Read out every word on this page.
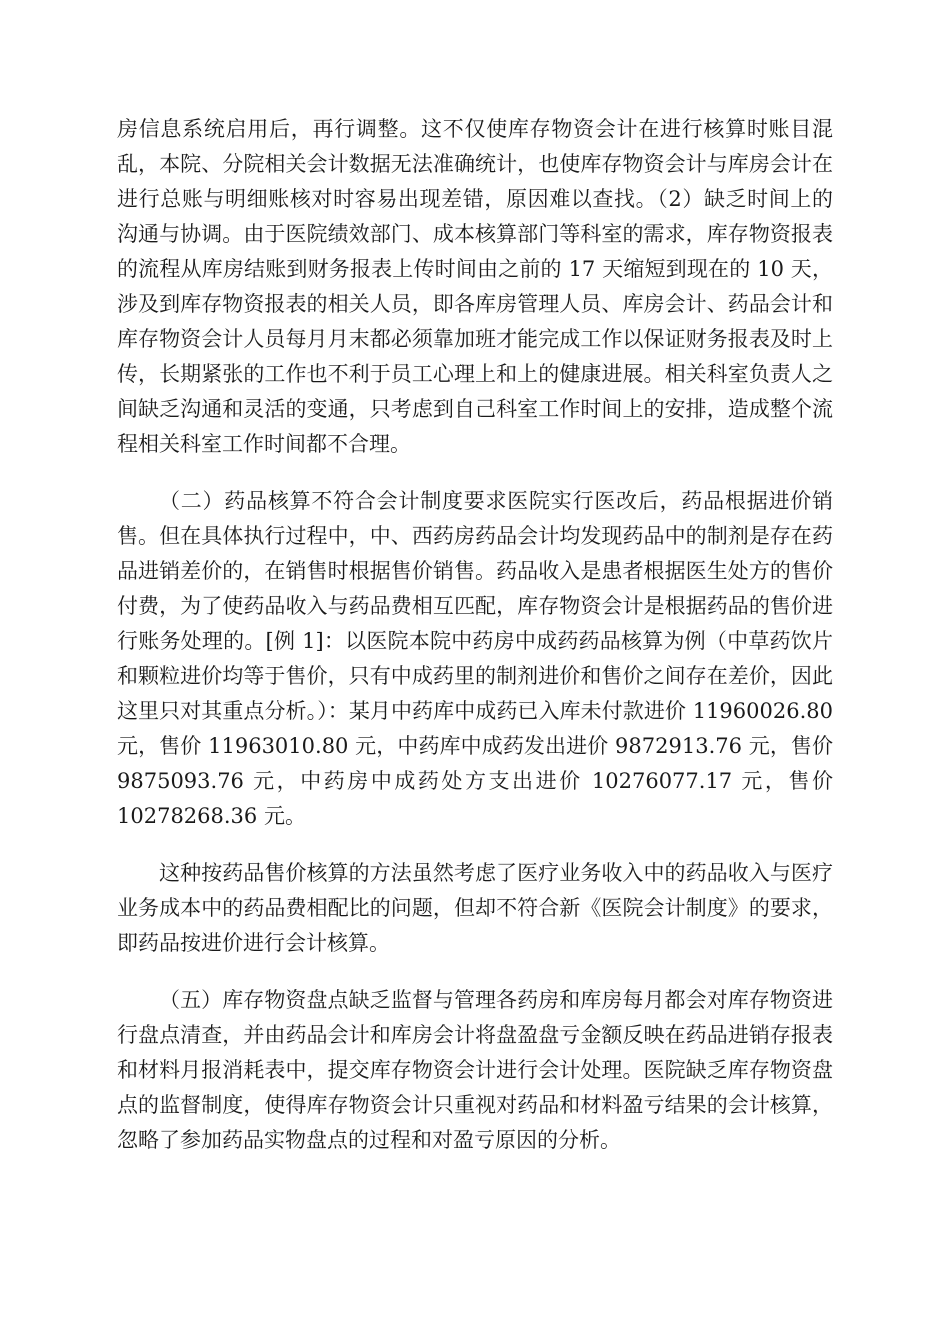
房信息系统启用后，再行调整。这不仅使库存物资会计在进行核算时账目混乱，本院、分院相关会计数据无法准确统计，也使库存物资会计与库房会计在进行总账与明细账核对时容易出现差错，原因难以查找。（2）缺乏时间上的沟通与协调。由于医院绩效部门、成本核算部门等科室的需求，库存物资报表的流程从库房结账到财务报表上传时间由之前的 17 天缩短到现在的 10 天，涉及到库存物资报表的相关人员，即各库房管理人员、库房会计、药品会计和库存物资会计人员每月月末都必须靠加班才能完成工作以保证财务报表及时上传，长期紧张的工作也不利于员工心理上和上的健康进展。相关科室负责人之间缺乏沟通和灵活的变通，只考虑到自己科室工作时间上的安排，造成整个流程相关科室工作时间都不合理。

（二）药品核算不符合会计制度要求医院实行医改后，药品根据进价销售。但在具体执行过程中，中、西药房药品会计均发现药品中的制剂是存在药品进销差价的，在销售时根据售价销售。药品收入是患者根据医生处方的售价付费，为了使药品收入与药品费相互匹配，库存物资会计是根据药品的售价进行账务处理的。[例 1]：以医院本院中药房中成药药品核算为例（中草药饮片和颗粒进价均等于售价，只有中成药里的制剂进价和售价之间存在差价，因此这里只对其重点分析。）：某月中药库中成药已入库未付款进价 11960026.80 元，售价 11963010.80 元，中药库中成药发出进价 9872913.76 元，售价 9875093.76 元，中药房中成药处方支出进价 10276077.17 元，售价 10278268.36 元。

这种按药品售价核算的方法虽然考虑了医疗业务收入中的药品收入与医疗业务成本中的药品费相配比的问题，但却不符合新《医院会计制度》的要求，即药品按进价进行会计核算。

（五）库存物资盘点缺乏监督与管理各药房和库房每月都会对库存物资进行盘点清查，并由药品会计和库房会计将盘盈盘亏金额反映在药品进销存报表和材料月报消耗表中，提交库存物资会计进行会计处理。医院缺乏库存物资盘点的监督制度，使得库存物资会计只重视对药品和材料盈亏结果的会计核算，忽略了参加药品实物盘点的过程和对盈亏原因的分析。
